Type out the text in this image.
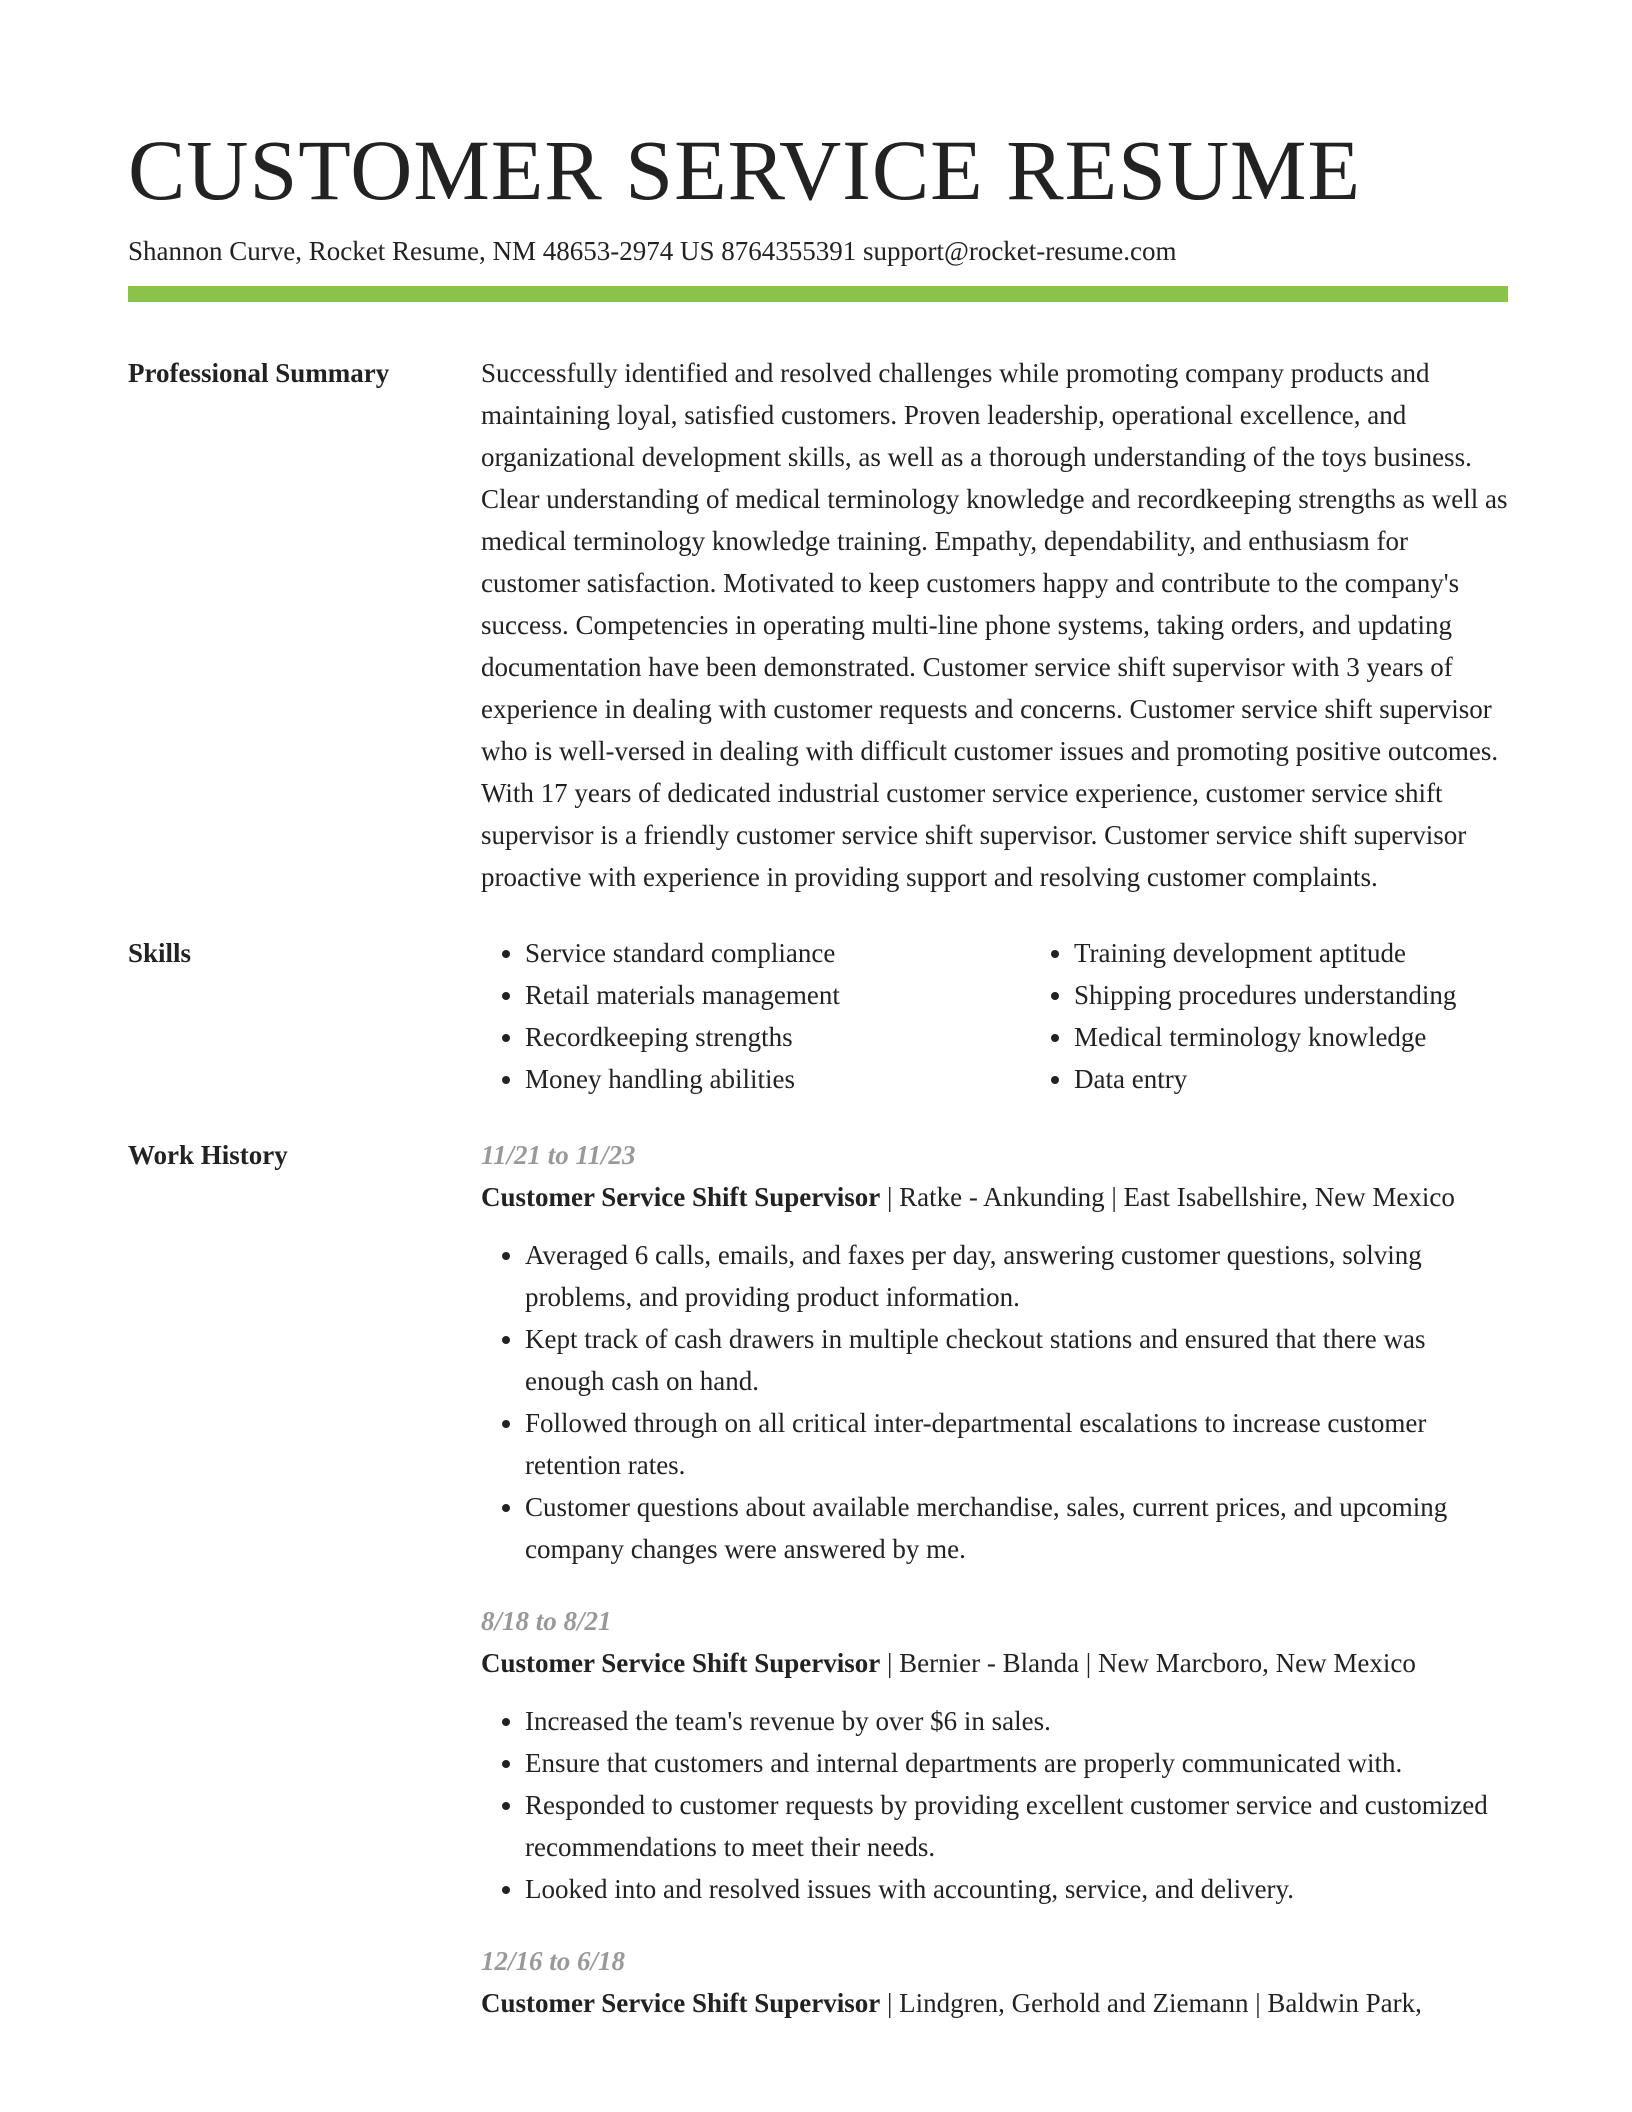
CUSTOMER SERVICE RESUME
Shannon Curve, Rocket Resume, NM 48653-2974 US 8764355391 support@rocket-resume.com
Professional Summary	Successfully identified and resolved challenges while promoting company products and maintaining loyal, satisfied customers. Proven leadership, operational excellence, and organizational development skills, as well as a thorough understanding of the toys business. Clear understanding of medical terminology knowledge and recordkeeping strengths as well as medical terminology knowledge training. Empathy, dependability, and enthusiasm for customer satisfaction. Motivated to keep customers happy and contribute to the company's success. Competencies in operating multi-line phone systems, taking orders, and updating documentation have been demonstrated. Customer service shift supervisor with 3 years of experience in dealing with customer requests and concerns. Customer service shift supervisor who is well-versed in dealing with difficult customer issues and promoting positive outcomes. With 17 years of dedicated industrial customer service experience, customer service shift supervisor is a friendly customer service shift supervisor. Customer service shift supervisor proactive with experience in providing support and resolving customer complaints.

Skills
•	Service standard compliance
• Retail materials management
• Recordkeeping strengths
• Money handling abilities
• Training development aptitude
• Shipping procedures understanding
• Medical terminology knowledge
• Data entry
Work History	11/21 to 11/23
Customer Service Shift Supervisor | Ratke - Ankunding | East Isabellshire, New Mexico
• Averaged 6 calls, emails, and faxes per day, answering customer questions, solving problems, and providing product information.
• Kept track of cash drawers in multiple checkout stations and ensured that there was enough cash on hand.
• Followed through on all critical inter-departmental escalations to increase customer retention rates.
• Customer questions about available merchandise, sales, current prices, and upcoming company changes were answered by me.
8/18 to 8/21
Customer Service Shift Supervisor | Bernier - Blanda | New Marcboro, New Mexico
• Increased the team's revenue by over $6 in sales.
• Ensure that customers and internal departments are properly communicated with.
• Responded to customer requests by providing excellent customer service and customized recommendations to meet their needs.
• Looked into and resolved issues with accounting, service, and delivery.
12/16 to 6/18
Customer Service Shift Supervisor | Lindgren, Gerhold and Ziemann | Baldwin Park,
